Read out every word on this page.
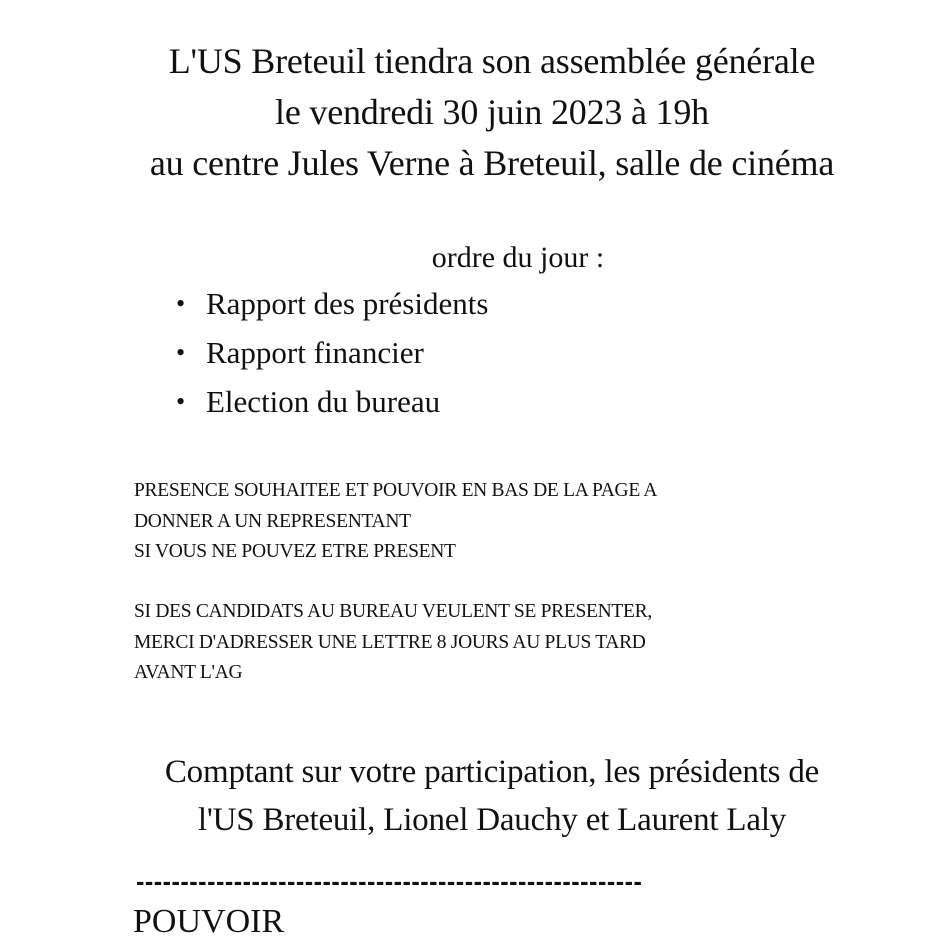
L'US Breteuil tiendra son assemblée générale
le vendredi 30 juin 2023 à 19h
au centre Jules Verne à Breteuil, salle de cinéma
ordre du jour :
• Rapport des présidents
• Rapport financier
• Election du bureau
PRESENCE SOUHAITEE ET POUVOIR EN BAS DE LA PAGE A
DONNER A UN REPRESENTANT
SI VOUS NE POUVEZ ETRE PRESENT
SI DES CANDIDATS AU BUREAU VEULENT SE PRESENTER,
MERCI D'ADRESSER UNE LETTRE 8 JOURS AU PLUS TARD
AVANT L'AG
Comptant sur votre participation, les présidents de
l'US Breteuil, Lionel Dauchy et Laurent Laly
---------------------------------------------------------
POUVOIR
